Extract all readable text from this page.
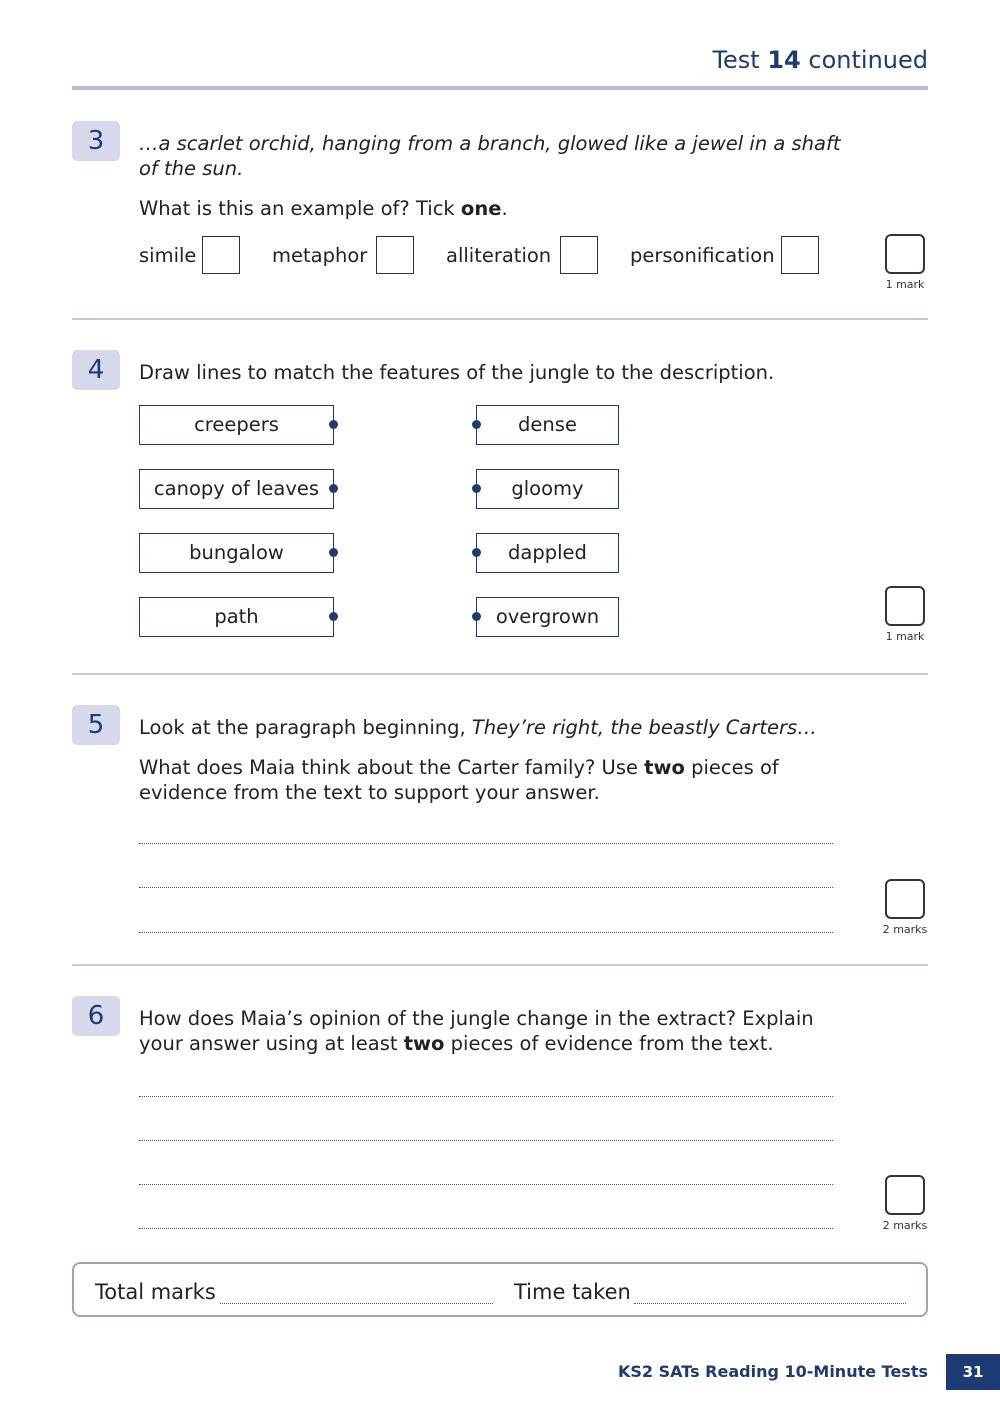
Test 14 continued
3	…a scarlet orchid, hanging from a branch, glowed like a jewel in a shaft
of the sun.
What is this an example of? Tick one.
simile	metaphor	alliteration	personification
1 mark
4	Draw lines to match the features of the jungle to the description.
creepers
canopy of leaves
bungalow
path
dense
gloomy
dappled
overgrown
1 mark
5	Look at the paragraph beginning, They’re right, the beastly Carters…
What does Maia think about the Carter family? Use two pieces of
evidence from the text to support your answer.
2 marks
6	How does Maia’s opinion of the jungle change in the extract? Explain
your answer using at least two pieces of evidence from the text.
2 marks
Total marks	Time taken
KS2 SATs Reading 10-Minute Tests	31
